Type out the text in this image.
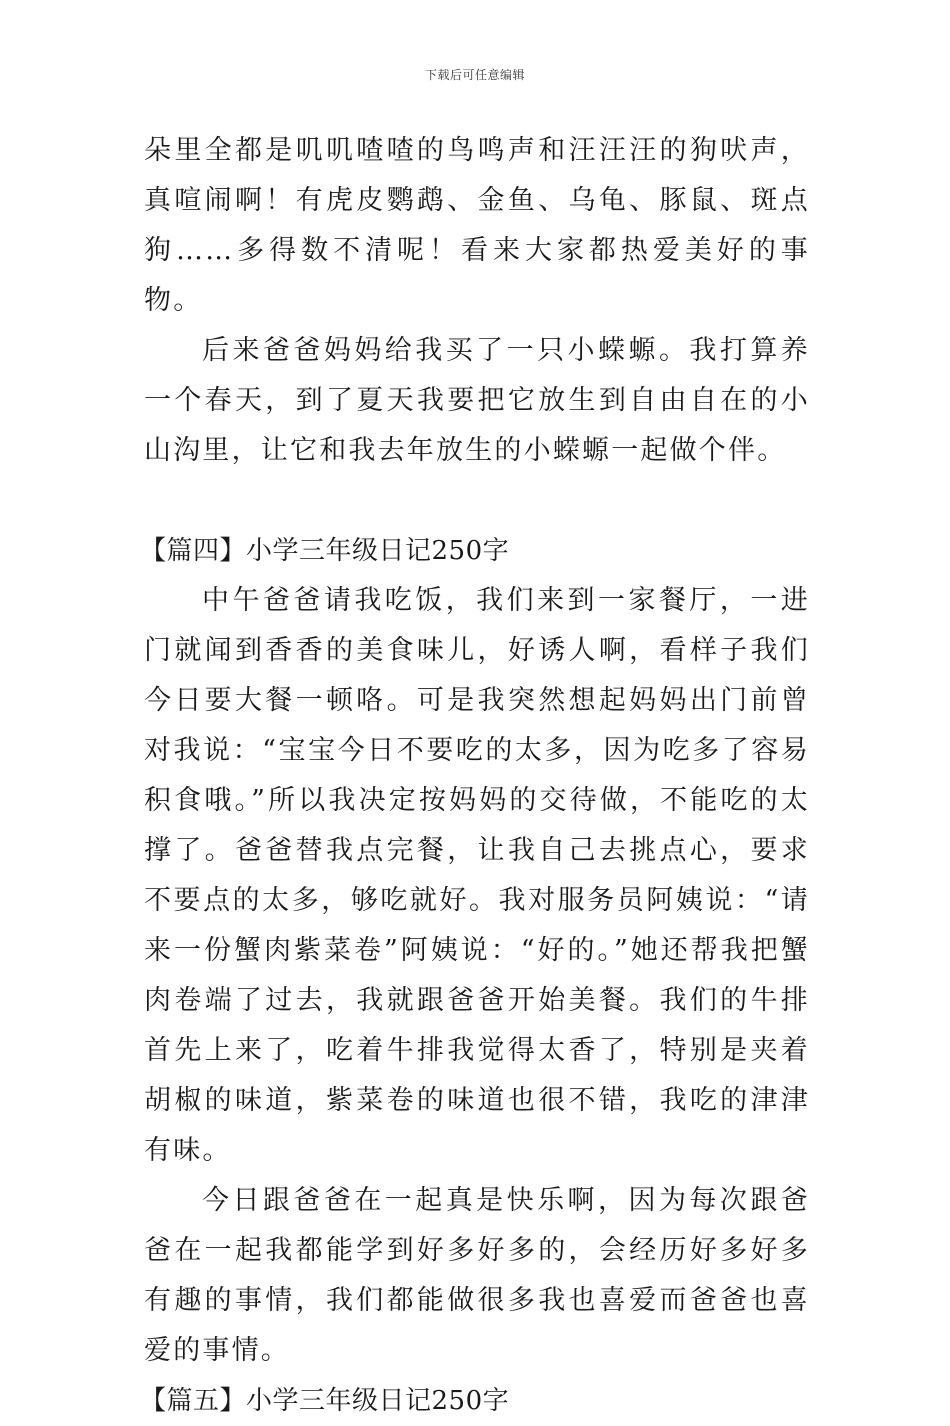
下载后可任意编辑

朵里全都是叽叽喳喳的鸟鸣声和汪汪汪的狗吠声，真喧闹啊！有虎皮鹦鹉、金鱼、乌龟、豚鼠、斑点狗……多得数不清呢！看来大家都热爱美好的事物。

后来爸爸妈妈给我买了一只小蝾螈。我打算养一个春天，到了夏天我要把它放生到自由自在的小山沟里，让它和我去年放生的小蝾螈一起做个伴。

【篇四】小学三年级日记250字

中午爸爸请我吃饭，我们来到一家餐厅，一进门就闻到香香的美食味儿，好诱人啊，看样子我们今日要大餐一顿咯。可是我突然想起妈妈出门前曾对我说：“宝宝今日不要吃的太多，因为吃多了容易积食哦。”所以我决定按妈妈的交待做，不能吃的太撑了。爸爸替我点完餐，让我自己去挑点心，要求不要点的太多，够吃就好。我对服务员阿姨说：“请来一份蟹肉紫菜卷”阿姨说：“好的。”她还帮我把蟹肉卷端了过去，我就跟爸爸开始美餐。我们的牛排首先上来了，吃着牛排我觉得太香了，特别是夹着胡椒的味道，紫菜卷的味道也很不错，我吃的津津有味。

今日跟爸爸在一起真是快乐啊，因为每次跟爸爸在一起我都能学到好多好多的，会经历好多好多有趣的事情，我们都能做很多我也喜爱而爸爸也喜爱的事情。

【篇五】小学三年级日记250字
